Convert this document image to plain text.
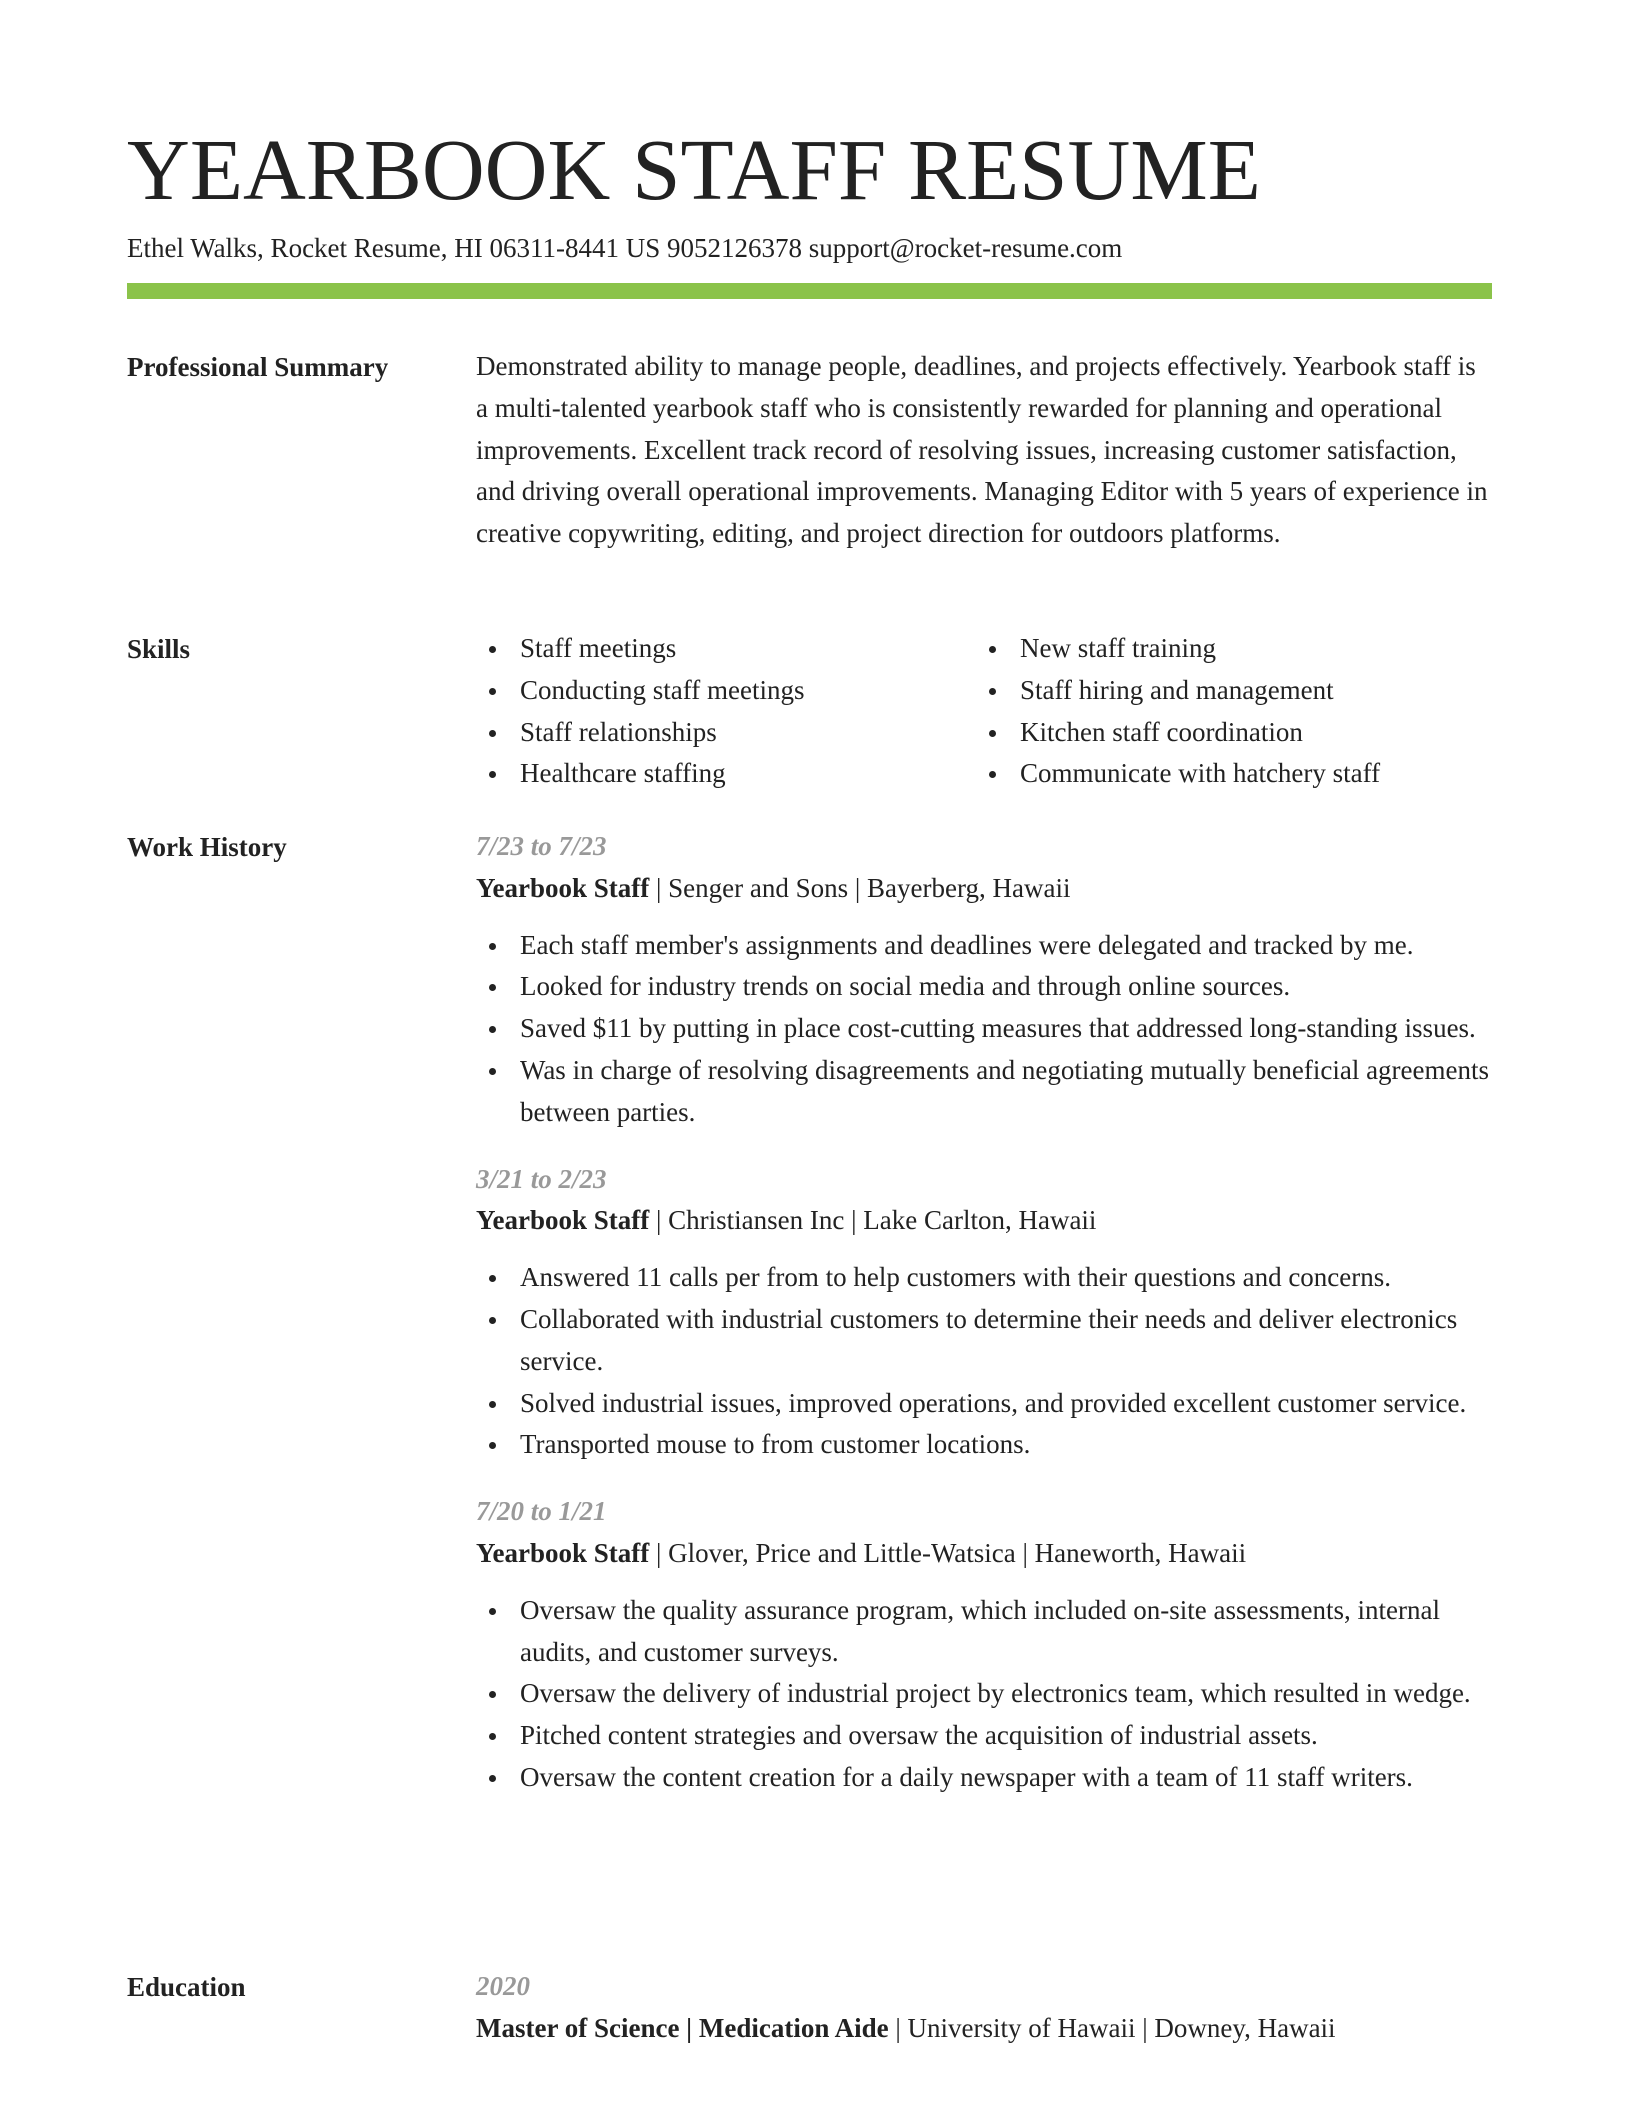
YEARBOOK STAFF RESUME
Ethel Walks, Rocket Resume, HI 06311-8441 US 9052126378 support@rocket-resume.com
Professional Summary	Demonstrated ability to manage people, deadlines, and projects effectively. Yearbook staff is a multi-talented yearbook staff who is consistently rewarded for planning and operational improvements. Excellent track record of resolving issues, increasing customer satisfaction, and driving overall operational improvements. Managing Editor with 5 years of experience in creative copywriting, editing, and project direction for outdoors platforms.

Skills	Staff meetings
Conducting staff meetings
Staff relationships
Healthcare staffing
New staff training
Staff hiring and management
Kitchen staff coordination
Communicate with hatchery staff
Work History	7/23 to 7/23
Yearbook Staff | Senger and Sons | Bayerberg, Hawaii
Each staff member's assignments and deadlines were delegated and tracked by me.
Looked for industry trends on social media and through online sources.
Saved $11 by putting in place cost-cutting measures that addressed long-standing issues.
Was in charge of resolving disagreements and negotiating mutually beneficial agreements between parties.
3/21 to 2/23
Yearbook Staff | Christiansen Inc | Lake Carlton, Hawaii
Answered 11 calls per from to help customers with their questions and concerns.
Collaborated with industrial customers to determine their needs and deliver electronics service.
Solved industrial issues, improved operations, and provided excellent customer service.
Transported mouse to from customer locations.
7/20 to 1/21
Yearbook Staff | Glover, Price and Little-Watsica | Haneworth, Hawaii
Oversaw the quality assurance program, which included on-site assessments, internal audits, and customer surveys.
Oversaw the delivery of industrial project by electronics team, which resulted in wedge.
Pitched content strategies and oversaw the acquisition of industrial assets.
Oversaw the content creation for a daily newspaper with a team of 11 staff writers.
Education	2020
Master of Science | Medication Aide | University of Hawaii | Downey, Hawaii
